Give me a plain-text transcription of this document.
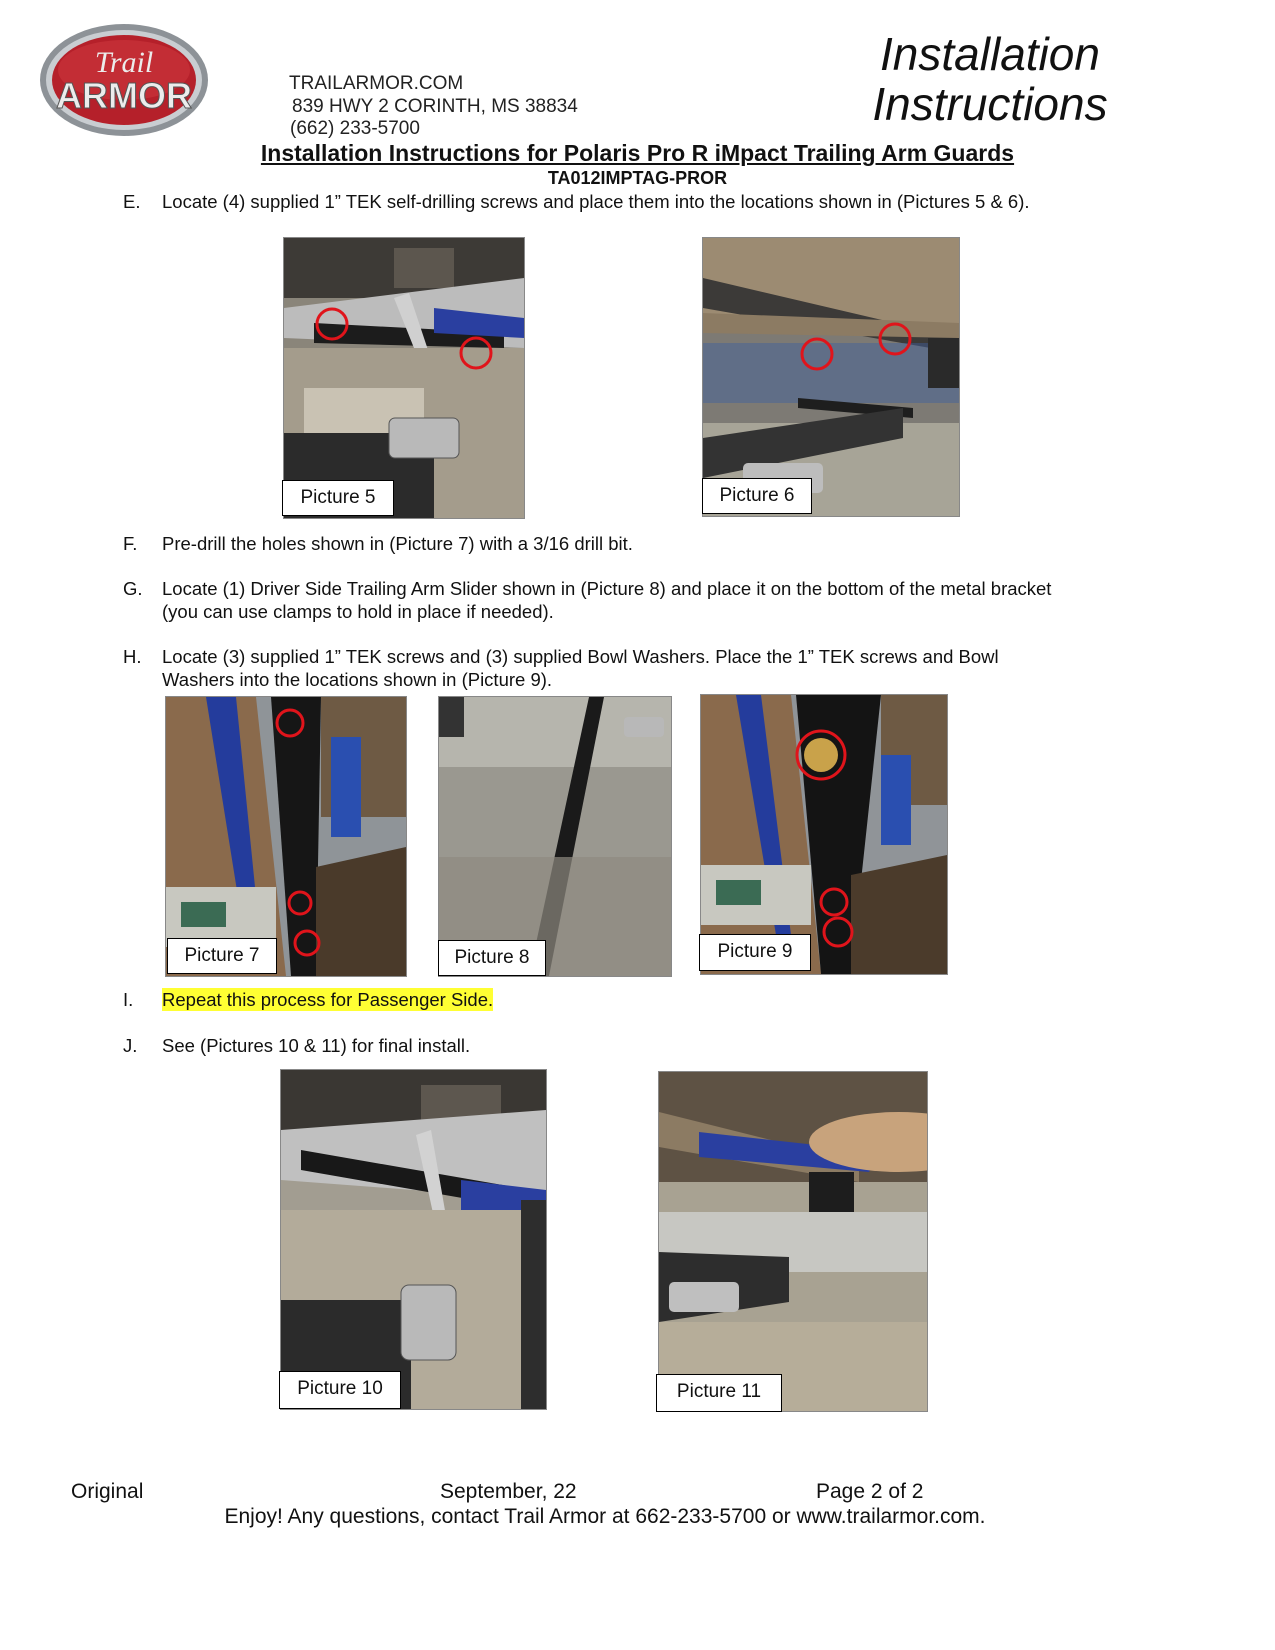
Trail
ARMOR	TRAILARMOR.COM
839 HWY 2 CORINTH, MS 38834
(662) 233-5700
Installation
Instructions
Installation Instructions for Polaris Pro R iMpact Trailing Arm Guards
TA012IMPTAG-PROR
E. Locate (4) supplied 1” TEK self-drilling screws and place them into the locations shown in (Pictures 5 & 6).
Picture 5	Picture 6
F. Pre-drill the holes shown in (Picture 7) with a 3/16 drill bit.
G. Locate (1) Driver Side Trailing Arm Slider shown in (Picture 8) and place it on the bottom of the metal bracket
(you can use clamps to hold in place if needed).
H. Locate (3) supplied 1” TEK screws and (3) supplied Bowl Washers. Place the 1” TEK screws and Bowl
Washers into the locations shown in (Picture 9).
Picture 7	Picture 8	Picture 9
I. Repeat this process for Passenger Side.
J. See (Pictures 10 & 11) for final install.
Picture 10	Picture 11
Original	September, 22	Page 2 of 2
Enjoy! Any questions, contact Trail Armor at 662-233-5700 or www.trailarmor.com.
